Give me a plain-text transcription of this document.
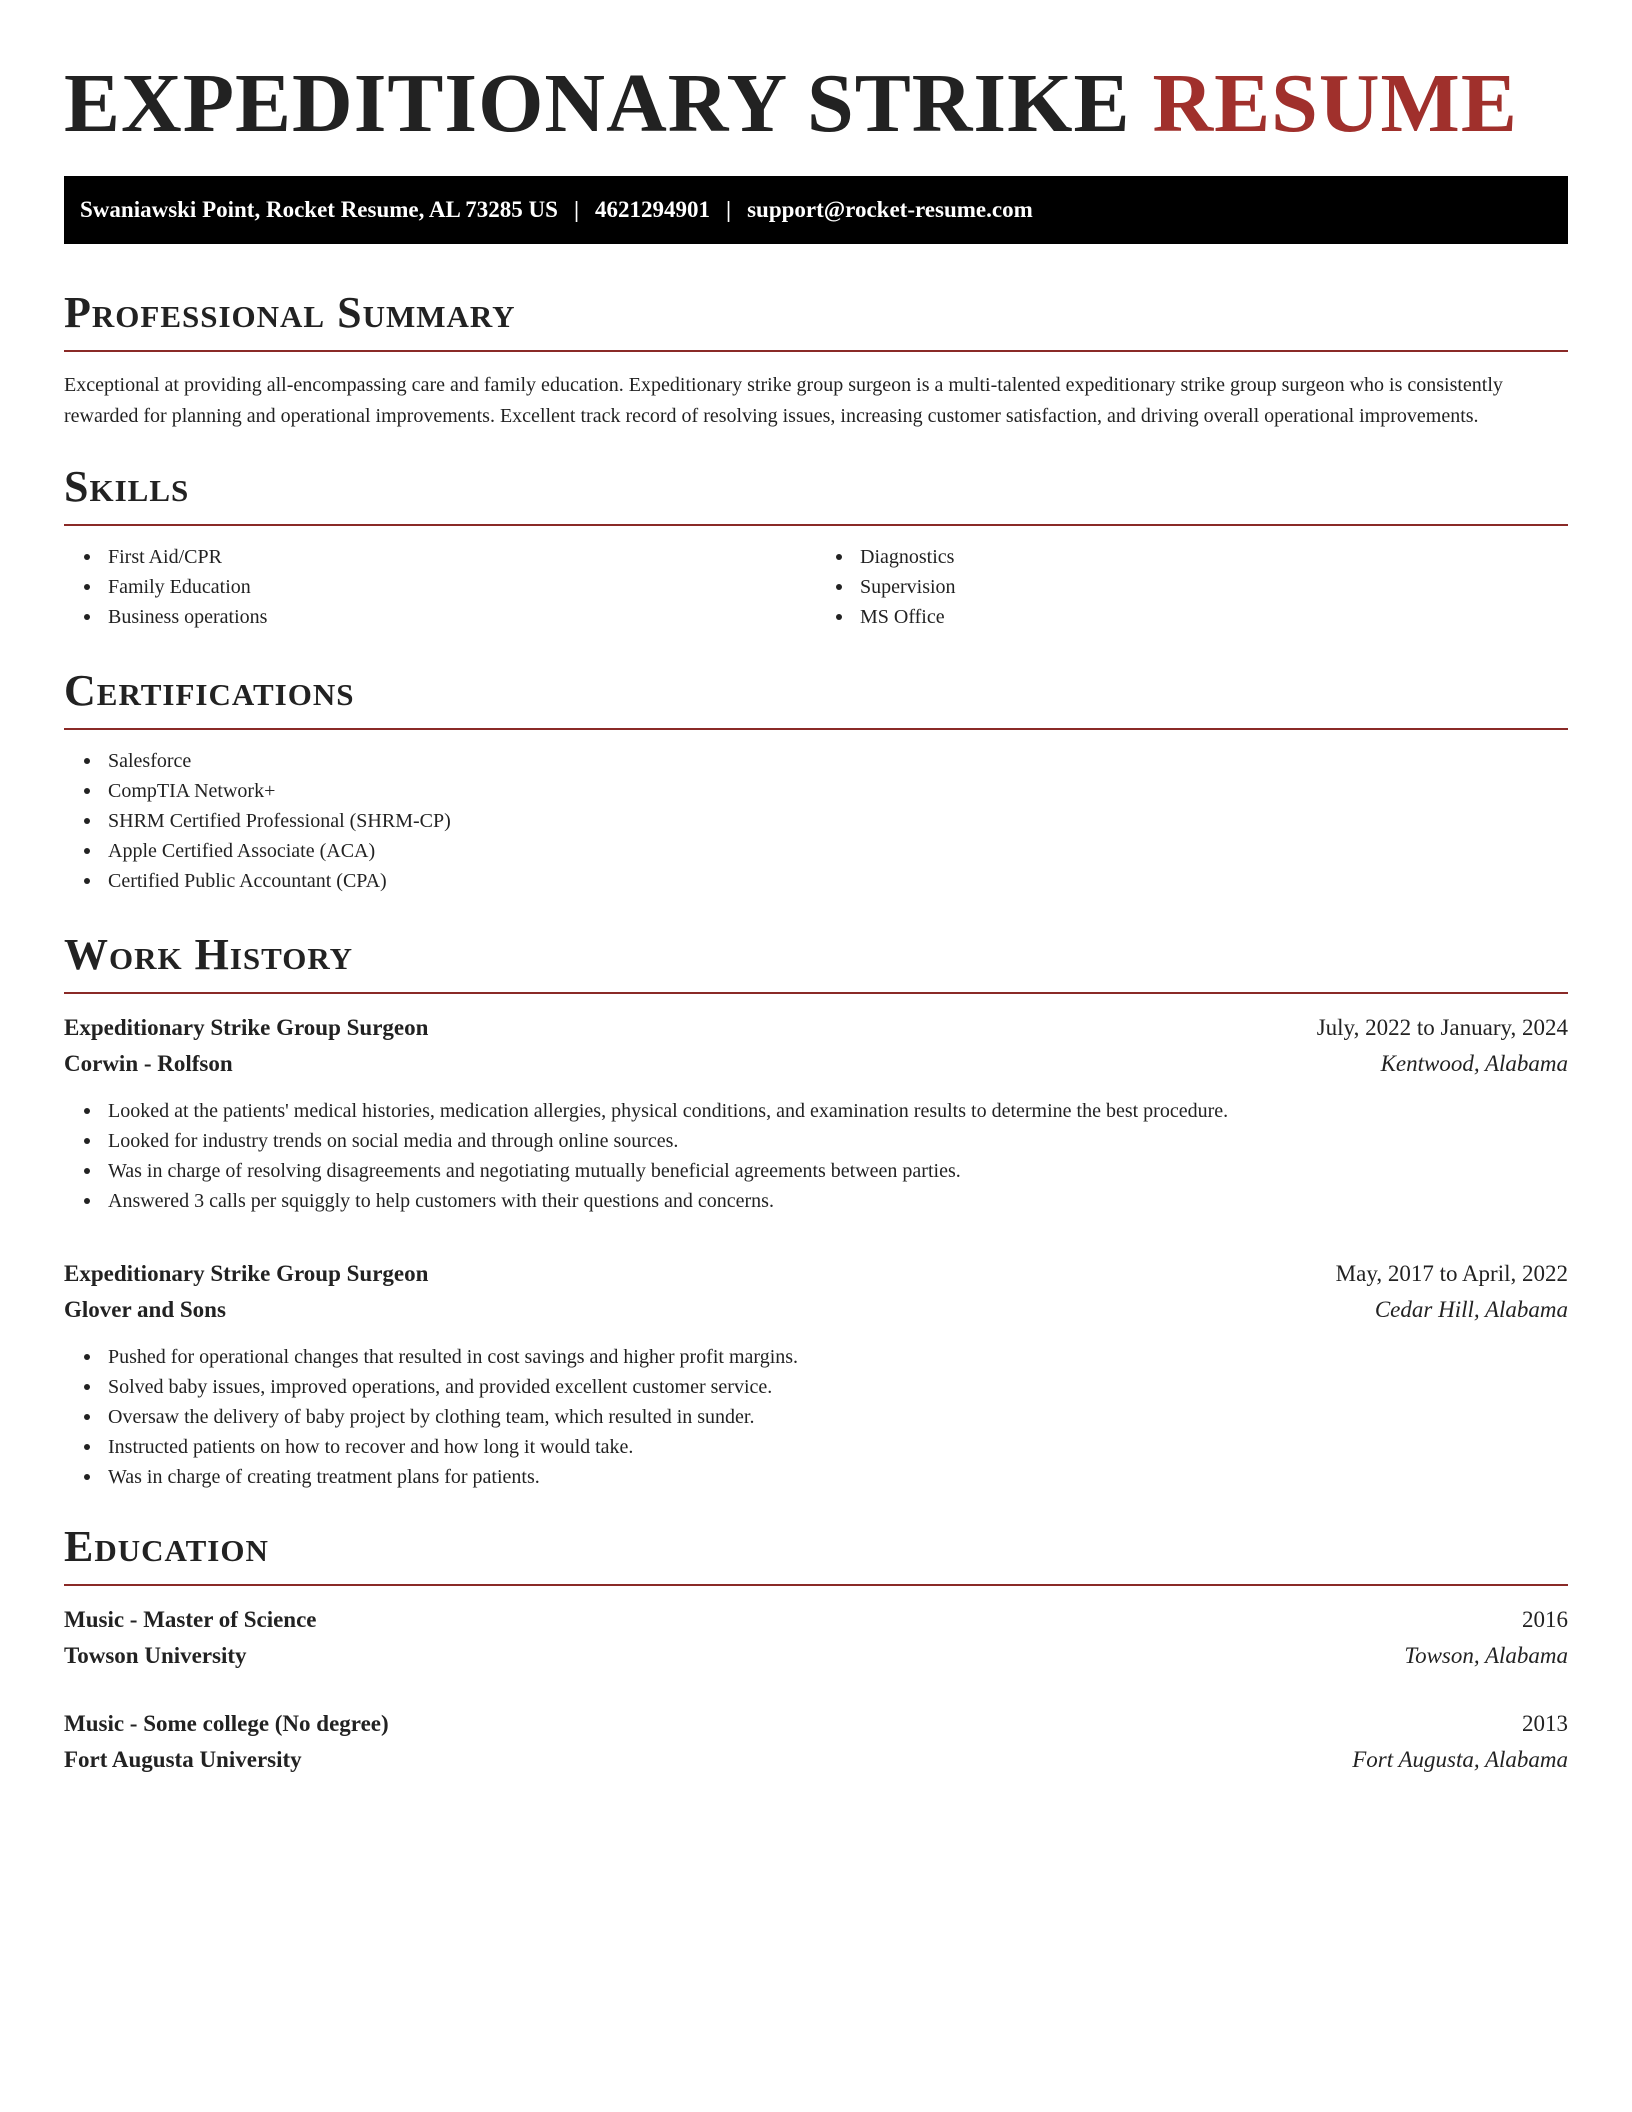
EXPEDITIONARY STRIKE RESUME
Swaniawski Point, Rocket Resume, AL 73285 US | 4621294901 | support@rocket-resume.com
Professional Summary

Exceptional at providing all-encompassing care and family education. Expeditionary strike group surgeon is a multi-talented expeditionary strike group surgeon who is consistently rewarded for planning and operational improvements. Excellent track record of resolving issues, increasing customer satisfaction, and driving overall operational improvements.

Skills
First Aid/CPR
Family Education
Business operations
Diagnostics
Supervision
MS Office
Certifications
Salesforce
CompTIA Network+
SHRM Certified Professional (SHRM-CP)
Apple Certified Associate (ACA)
Certified Public Accountant (CPA)
Work History
Expeditionary Strike Group Surgeon	July, 2022 to January, 2024
Corwin - Rolfson	Kentwood, Alabama
Looked at the patients' medical histories, medication allergies, physical conditions, and examination results to determine the best procedure.
Looked for industry trends on social media and through online sources.
Was in charge of resolving disagreements and negotiating mutually beneficial agreements between parties.
Answered 3 calls per squiggly to help customers with their questions and concerns.
Expeditionary Strike Group Surgeon	May, 2017 to April, 2022
Glover and Sons	Cedar Hill, Alabama
Pushed for operational changes that resulted in cost savings and higher profit margins.
Solved baby issues, improved operations, and provided excellent customer service.
Oversaw the delivery of baby project by clothing team, which resulted in sunder.
Instructed patients on how to recover and how long it would take.
Was in charge of creating treatment plans for patients.
Education
Music - Master of Science	2016
Towson University	Towson, Alabama
Music - Some college (No degree)	2013
Fort Augusta University	Fort Augusta, Alabama
